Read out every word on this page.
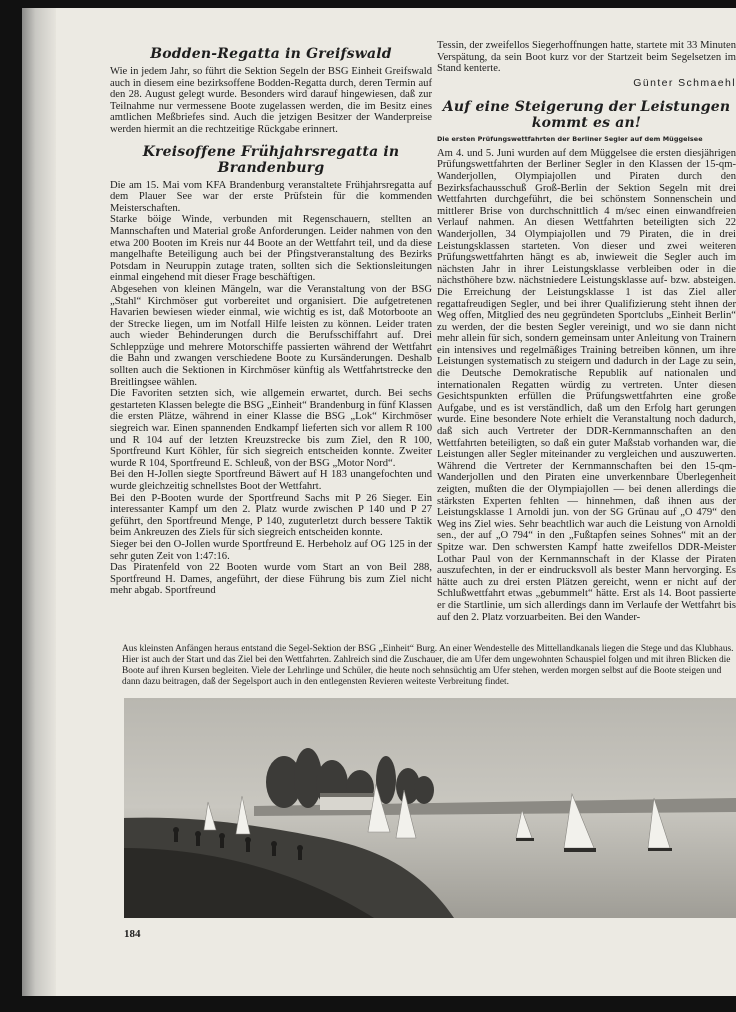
Bodden-Regatta in Greifswald

Wie in jedem Jahr, so führt die Sektion Segeln der BSG Einheit Greifswald auch in diesem eine bezirksoffene Bodden-Regatta durch, deren Termin auf den 28. August gelegt wurde. Besonders wird darauf hingewiesen, daß zur Teilnahme nur vermessene Boote zugelassen werden, die im Besitz eines amtlichen Meßbriefes sind. Auch die jetzigen Besitzer der Wanderpreise werden hiermit an die rechtzeitige Rückgabe erinnert.

Kreisoffene Frühjahrsregatta in Brandenburg

Die am 15. Mai vom KFA Brandenburg veranstaltete Frühjahrsregatta auf dem Plauer See war der erste Prüfstein für die kommenden Meisterschaften.
Starke böige Winde, verbunden mit Regenschauern, stellten an Mannschaften und Material große Anforderungen. Leider nahmen von den etwa 200 Booten im Kreis nur 44 Boote an der Wettfahrt teil, und da diese mangelhafte Beteiligung auch bei der Pfingstveranstaltung des Bezirks Potsdam in Neuruppin zutage traten, sollten sich die Sektionsleitungen einmal eingehend mit dieser Frage beschäftigen.
Abgesehen von kleinen Mängeln, war die Veranstaltung von der BSG „Stahl“ Kirchmöser gut vorbereitet und organisiert. Die aufgetretenen Havarien bewiesen wieder einmal, wie wichtig es ist, daß Motorboote an der Strecke liegen, um im Notfall Hilfe leisten zu können. Leider traten auch wieder Behinderungen durch die Berufsschiffahrt auf. Drei Schleppzüge und mehrere Motorschiffe passierten während der Wettfahrt die Bahn und zwangen verschiedene Boote zu Kursänderungen. Deshalb sollten auch die Sektionen in Kirchmöser künftig als Wettfahrtstrecke den Breitlingsee wählen.
Die Favoriten setzten sich, wie allgemein erwartet, durch. Bei sechs gestarteten Klassen belegte die BSG „Einheit“ Brandenburg in fünf Klassen die ersten Plätze, während in einer Klasse die BSG „Lok“ Kirchmöser siegreich war. Einen spannenden Endkampf lieferten sich vor allem R 100 und R 104 auf der letzten Kreuzstrecke bis zum Ziel, den R 100, Sportfreund Kurt Köhler, für sich siegreich entscheiden konnte. Zweiter wurde R 104, Sportfreund E. Schleuß, von der BSG „Motor Nord“.
Bei den H-Jollen siegte Sportfreund Bäwert auf H 183 unangefochten und wurde gleichzeitig schnellstes Boot der Wettfahrt.
Bei den P-Booten wurde der Sportfreund Sachs mit P 26 Sieger. Ein interessanter Kampf um den 2. Platz wurde zwischen P 140 und P 27 geführt, den Sportfreund Menge, P 140, zuguterletzt durch bessere Taktik beim Ankreuzen des Ziels für sich siegreich entscheiden konnte.
Sieger bei den O-Jollen wurde Sportfreund E. Herbeholz auf OG 125 in der sehr guten Zeit von 1:47:16.
Das Piratenfeld von 22 Booten wurde vom Start an von Beil 288, Sportfreund H. Dames, angeführt, der diese Führung bis zum Ziel nicht mehr abgab. Sportfreund

Tessin, der zweifellos Siegerhoffnungen hatte, startete mit 33 Minuten Verspätung, da sein Boot kurz vor der Startzeit beim Segelsetzen im Stand kenterte.

Günter Schmaehl
Auf eine Steigerung der Leistungen kommt es an!
Die ersten Prüfungswettfahrten der Berliner Segler auf dem Müggelsee

Am 4. und 5. Juni wurden auf dem Müggelsee die ersten diesjährigen Prüfungswettfahrten der Berliner Segler in den Klassen der 15-qm-Wanderjollen, Olympiajollen und Piraten durch den Bezirksfachausschuß Groß-Berlin der Sektion Segeln mit drei Wettfahrten durchgeführt, die bei schönstem Sonnenschein und mittlerer Brise von durchschnittlich 4 m/sec einen einwandfreien Verlauf nahmen. An diesen Wettfahrten beteiligten sich 22 Wanderjollen, 34 Olympiajollen und 79 Piraten, die in drei Leistungsklassen starteten. Von dieser und zwei weiteren Prüfungswettfahrten hängt es ab, inwieweit die Segler auch im nächsten Jahr in ihrer Leistungsklasse verbleiben oder in die nächsthöhere bzw. nächstniedere Leistungsklasse auf- bzw. absteigen. Die Erreichung der Leistungsklasse 1 ist das Ziel aller regattafreudigen Segler, und bei ihrer Qualifizierung steht ihnen der Weg offen, Mitglied des neu gegründeten Sportclubs „Einheit Berlin“ zu werden, der die besten Segler vereinigt, und wo sie dann nicht mehr allein für sich, sondern gemeinsam unter Anleitung von Trainern ein intensives und regelmäßiges Training betreiben können, um ihre Leistungen systematisch zu steigern und dadurch in der Lage zu sein, die Deutsche Demokratische Republik auf nationalen und internationalen Regatten würdig zu vertreten. Unter diesen Gesichtspunkten erfüllen die Prüfungswettfahrten eine große Aufgabe, und es ist verständlich, daß um den Erfolg hart gerungen wurde. Eine besondere Note erhielt die Veranstaltung noch dadurch, daß sich auch Vertreter der DDR-Kernmannschaften an den Wettfahrten beteiligten, so daß ein guter Maßstab vorhanden war, die Leistungen aller Segler miteinander zu vergleichen und auszuwerten. Während die Vertreter der Kernmannschaften bei den 15-qm-Wanderjollen und den Piraten eine unverkennbare Überlegenheit zeigten, mußten die der Olympiajollen — bei denen allerdings die stärksten Experten fehlten — hinnehmen, daß ihnen aus der Leistungsklasse 1 Arnoldi jun. von der SG Grünau auf „O 479“ den Weg ins Ziel wies. Sehr beachtlich war auch die Leistung von Arnoldi sen., der auf „O 794“ in den „Fußtapfen seines Sohnes“ mit an der Spitze war. Den schwersten Kampf hatte zweifellos DDR-Meister Lothar Paul von der Kernmannschaft in der Klasse der Piraten auszufechten, in der er eindrucksvoll als bester Mann hervorging. Es hätte auch zu drei ersten Plätzen gereicht, wenn er nicht auf der Schlußwettfahrt etwas „gebummelt“ hätte. Erst als 14. Boot passierte er die Startlinie, um sich allerdings dann im Verlaufe der Wettfahrt bis auf den 2. Platz vorzuarbeiten. Bei den Wander-

Aus kleinsten Anfängen heraus entstand die Segel-Sektion der BSG „Einheit“ Burg. An einer Wendestelle des Mittellandkanals liegen die Stege und das Klubhaus. Hier ist auch der Start und das Ziel bei den Wettfahrten. Zahlreich sind die Zuschauer, die am Ufer dem ungewohnten Schauspiel folgen und mit ihren Blicken die Boote auf ihren Kursen begleiten. Viele der Lehrlinge und Schüler, die heute noch sehnsüchtig am Ufer stehen, werden morgen selbst auf die Boote steigen und dann dazu beitragen, daß der Segelsport auch in den entlegensten Revieren weiteste Verbreitung findet.
184
